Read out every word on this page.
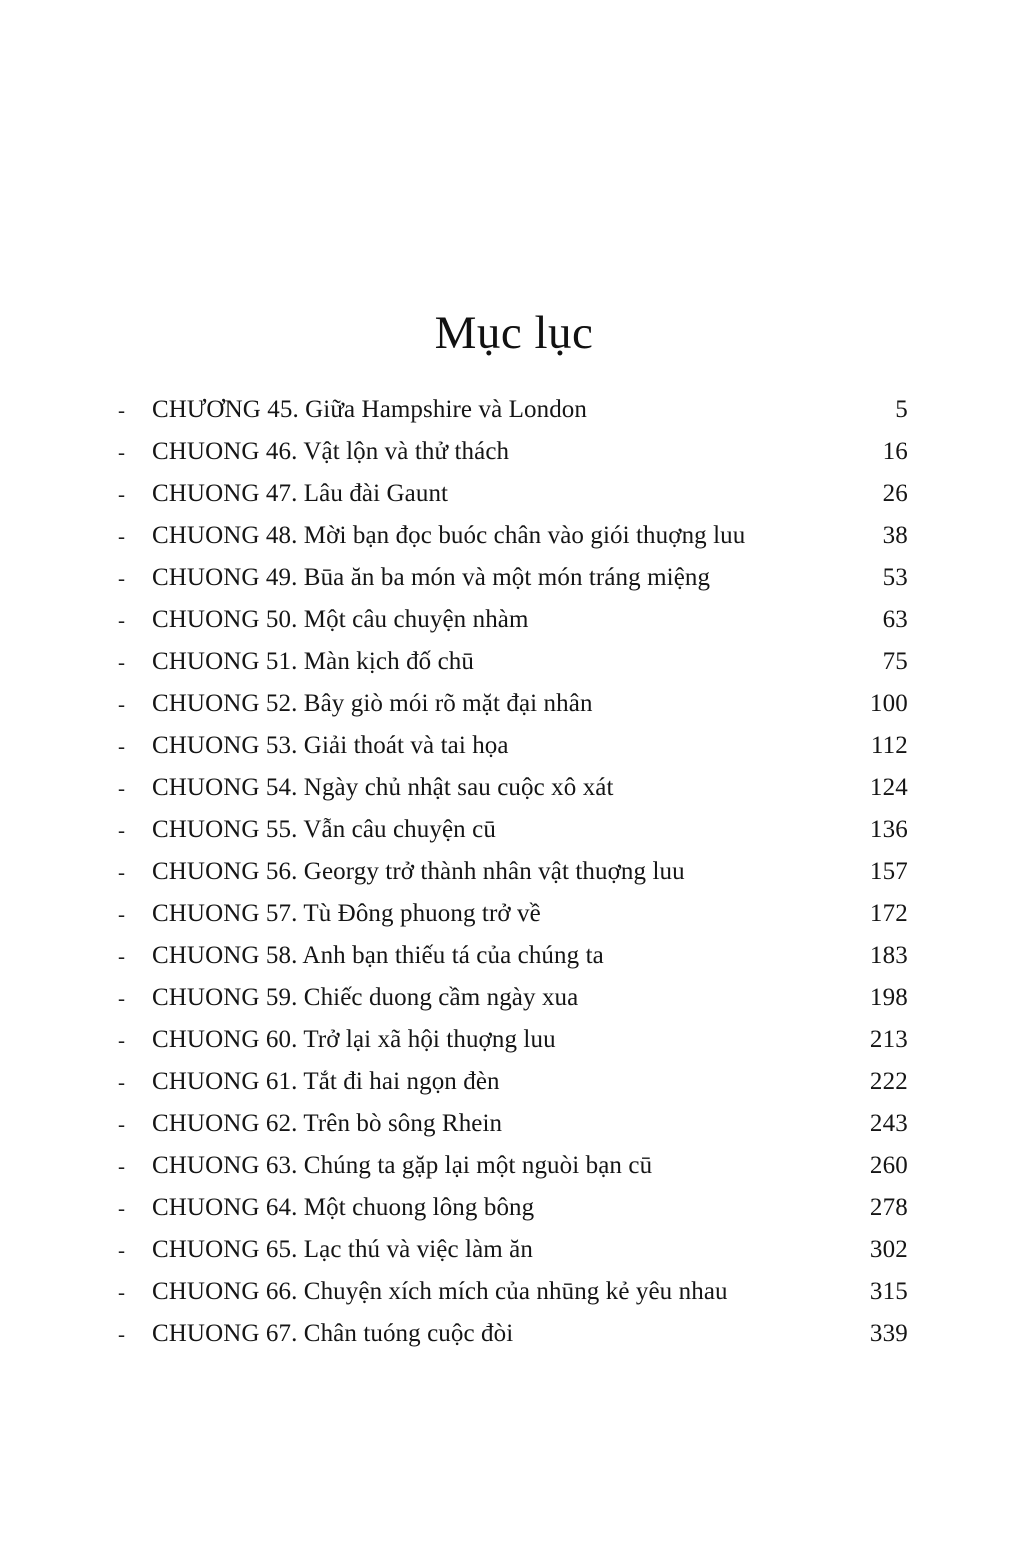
Mục lục
-	CHƯƠNG 45. Giữa Hampshire và London	5
-	CHUONG 46. Vật lộn và thử thách	16
-	CHUONG 47. Lâu đài Gaunt	26
-	CHUONG 48. Mời bạn đọc buóc chân vào giói thuợng luu	38
-	CHUONG 49. Būa ăn ba món và một món tráng miệng	53
-	CHUONG 50. Một câu chuyện nhàm	63
-	CHUONG 51. Màn kịch đố chū	75
-	CHUONG 52. Bây giò mói rõ mặt đại nhân	100
-	CHUONG 53. Giải thoát và tai họa	112
-	CHUONG 54. Ngày chủ nhật sau cuộc xô xát	124
-	CHUONG 55. Vẫn câu chuyện cū	136
-	CHUONG 56. Georgy trở thành nhân vật thuợng luu	157
-	CHUONG 57. Tù Đông phuong trở về	172
-	CHUONG 58. Anh bạn thiếu tá của chúng ta	183
-	CHUONG 59. Chiếc duong cầm ngày xua	198
-	CHUONG 60. Trở lại xã hội thuợng luu	213
-	CHUONG 61. Tắt đi hai ngọn đèn	222
-	CHUONG 62. Trên bò sông Rhein	243
-	CHUONG 63. Chúng ta gặp lại một nguòi bạn cū	260
-	CHUONG 64. Một chuong lông bông	278
-	CHUONG 65. Lạc thú và việc làm ăn	302
-	CHUONG 66. Chuyện xích mích của nhūng kẻ yêu nhau	315
-	CHUONG 67. Chân tuóng cuộc đòi	339
